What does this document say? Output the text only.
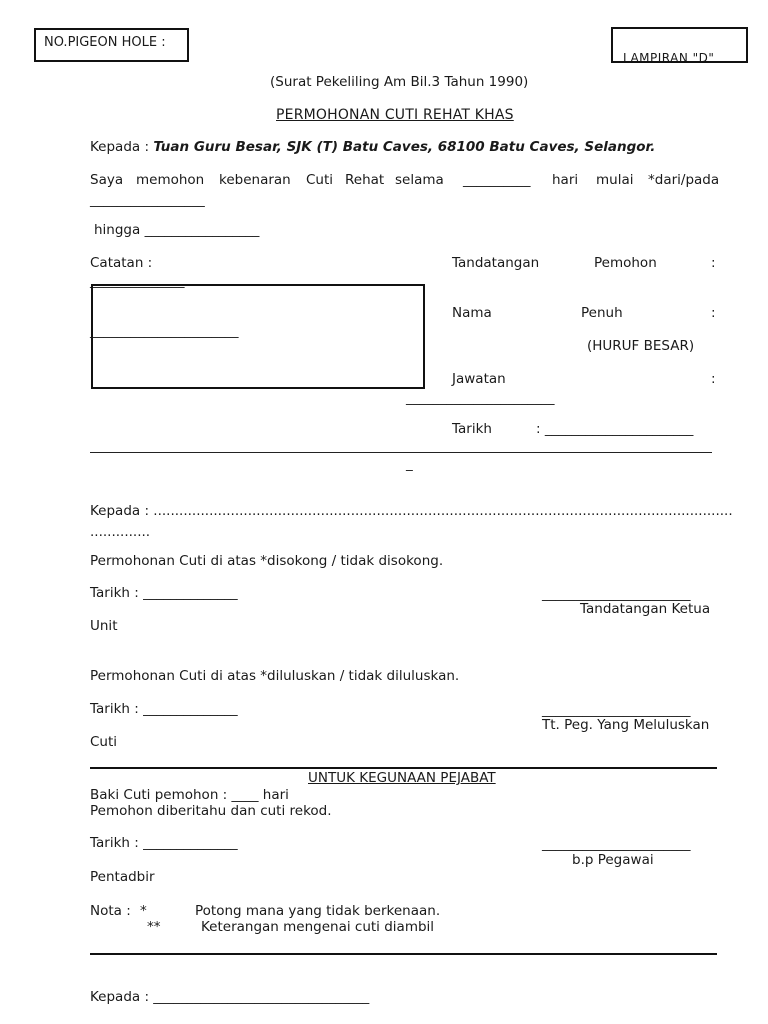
NO.PIGEON HOLE :
LAMPIRAN "D"
(Surat Pekeliling Am Bil.3 Tahun 1990)
PERMOHONAN CUTI REHAT KHAS
Kepada : Tuan Guru Besar, SJK (T) Batu Caves, 68100 Batu Caves, Selangor.
Saya memohon kebenaran Cuti Rehat selama __________ hari mulai *dari/pada
_________________
hingga _________________
Catatan :
______________
______________________
Tandatangan	Pemohon	:
Nama	Penuh	:
(HURUF BESAR)
Jawatan	:
______________________
Tarikh	: ______________________
_
Kepada : .......................................................................................................................................
..............
Permohonan Cuti di atas *disokong / tidak disokong.
Tarikh : ______________	______________________
Tandatangan Ketua
Unit
Permohonan Cuti di atas *diluluskan / tidak diluluskan.
Tarikh : ______________	______________________
Tt. Peg. Yang Meluluskan
Cuti
UNTUK KEGUNAAN PEJABAT
Baki Cuti pemohon : ____ hari
Pemohon diberitahu dan cuti rekod.
Tarikh : ______________	______________________
b.p Pegawai
Pentadbir
Nota : *	Potong mana yang tidak berkenaan.
**	Keterangan mengenai cuti diambil
Kepada : ________________________________
